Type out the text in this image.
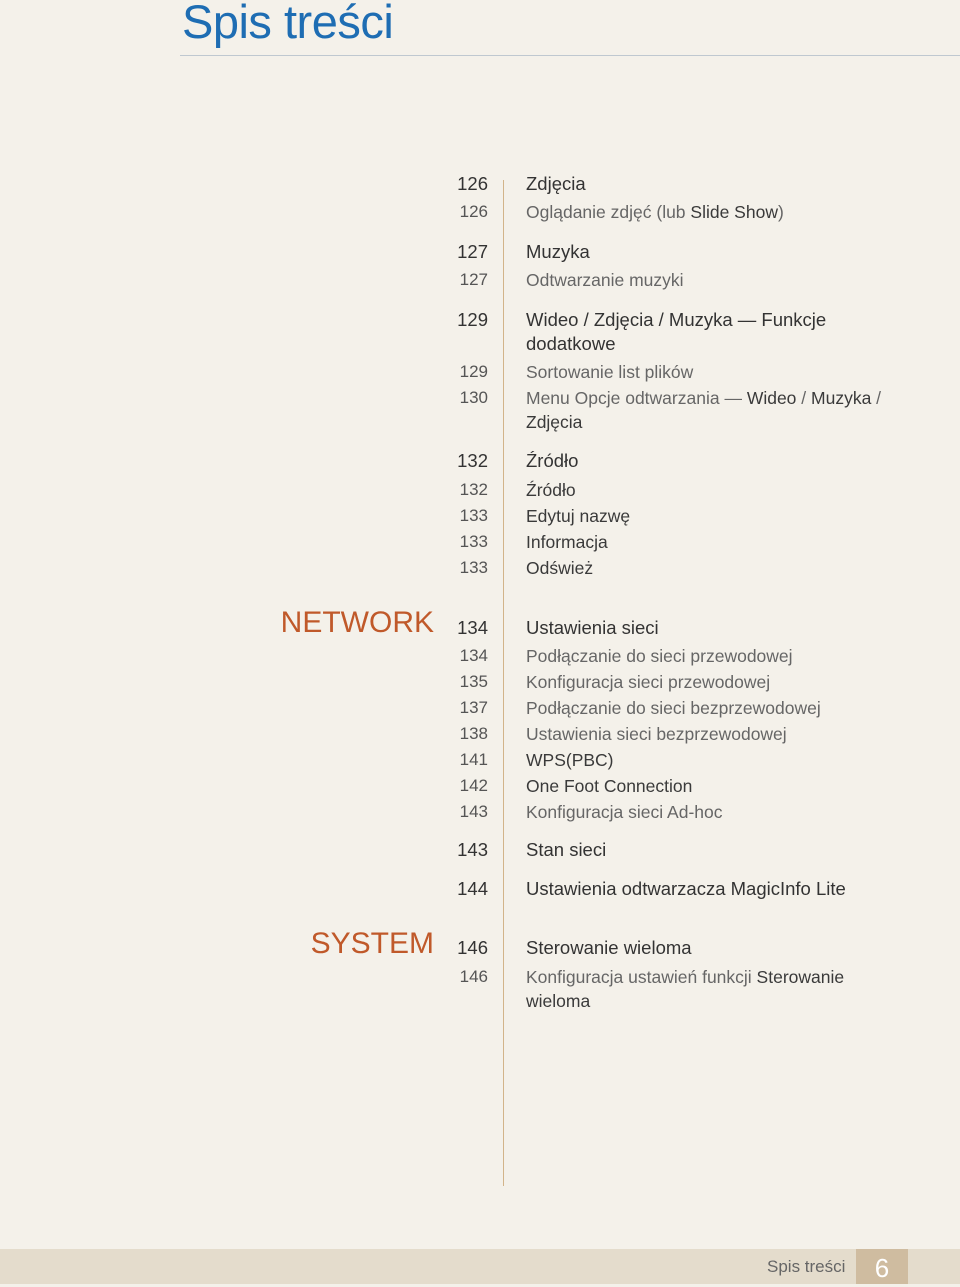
Spis treści
126 Zdjęcia
126 Oglądanie zdjęć (lub Slide Show)
127 Muzyka
127 Odtwarzanie muzyki
129 Wideo / Zdjęcia / Muzyka — Funkcje dodatkowe
129 Sortowanie list plików
130 Menu Opcje odtwarzania — Wideo / Muzyka / Zdjęcia
132 Źródło
132 Źródło
133 Edytuj nazwę
133 Informacja
133 Odśwież
NETWORK	134 Ustawienia sieci
134 Podłączanie do sieci przewodowej
135 Konfiguracja sieci przewodowej
137 Podłączanie do sieci bezprzewodowej
138 Ustawienia sieci bezprzewodowej
141 WPS(PBC)
142 One Foot Connection
143 Konfiguracja sieci Ad-hoc
143 Stan sieci
144 Ustawienia odtwarzacza MagicInfo Lite
SYSTEM	146 Sterowanie wieloma
146 Konfiguracja ustawień funkcji Sterowanie wieloma
Spis treści	6
